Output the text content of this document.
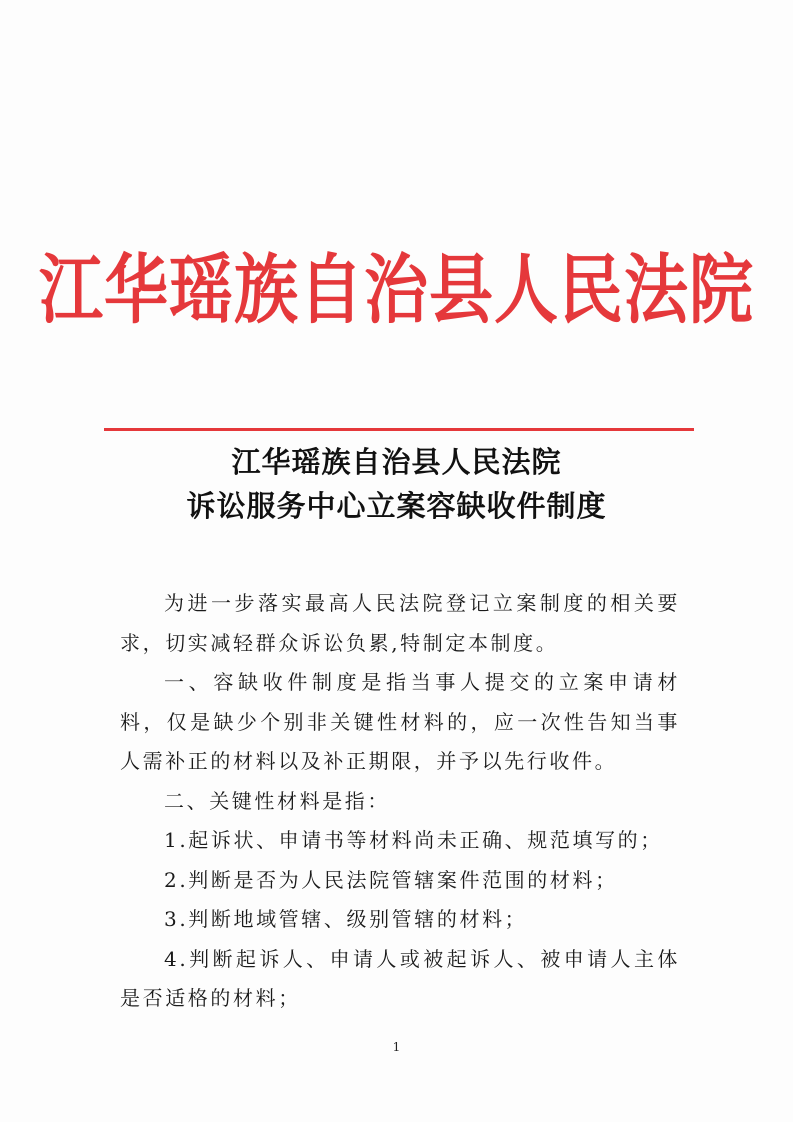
江华瑶族自治县人民法院
江华瑶族自治县人民法院
诉讼服务中心立案容缺收件制度

为进一步落实最高人民法院登记立案制度的相关要求，切实减轻群众诉讼负累,特制定本制度。

一、容缺收件制度是指当事人提交的立案申请材料，仅是缺少个别非关键性材料的，应一次性告知当事人需补正的材料以及补正期限，并予以先行收件。

二、关键性材料是指：

1.起诉状、申请书等材料尚未正确、规范填写的；

2.判断是否为人民法院管辖案件范围的材料；

3.判断地域管辖、级别管辖的材料；

4.判断起诉人、申请人或被起诉人、被申请人主体是否适格的材料；

1
